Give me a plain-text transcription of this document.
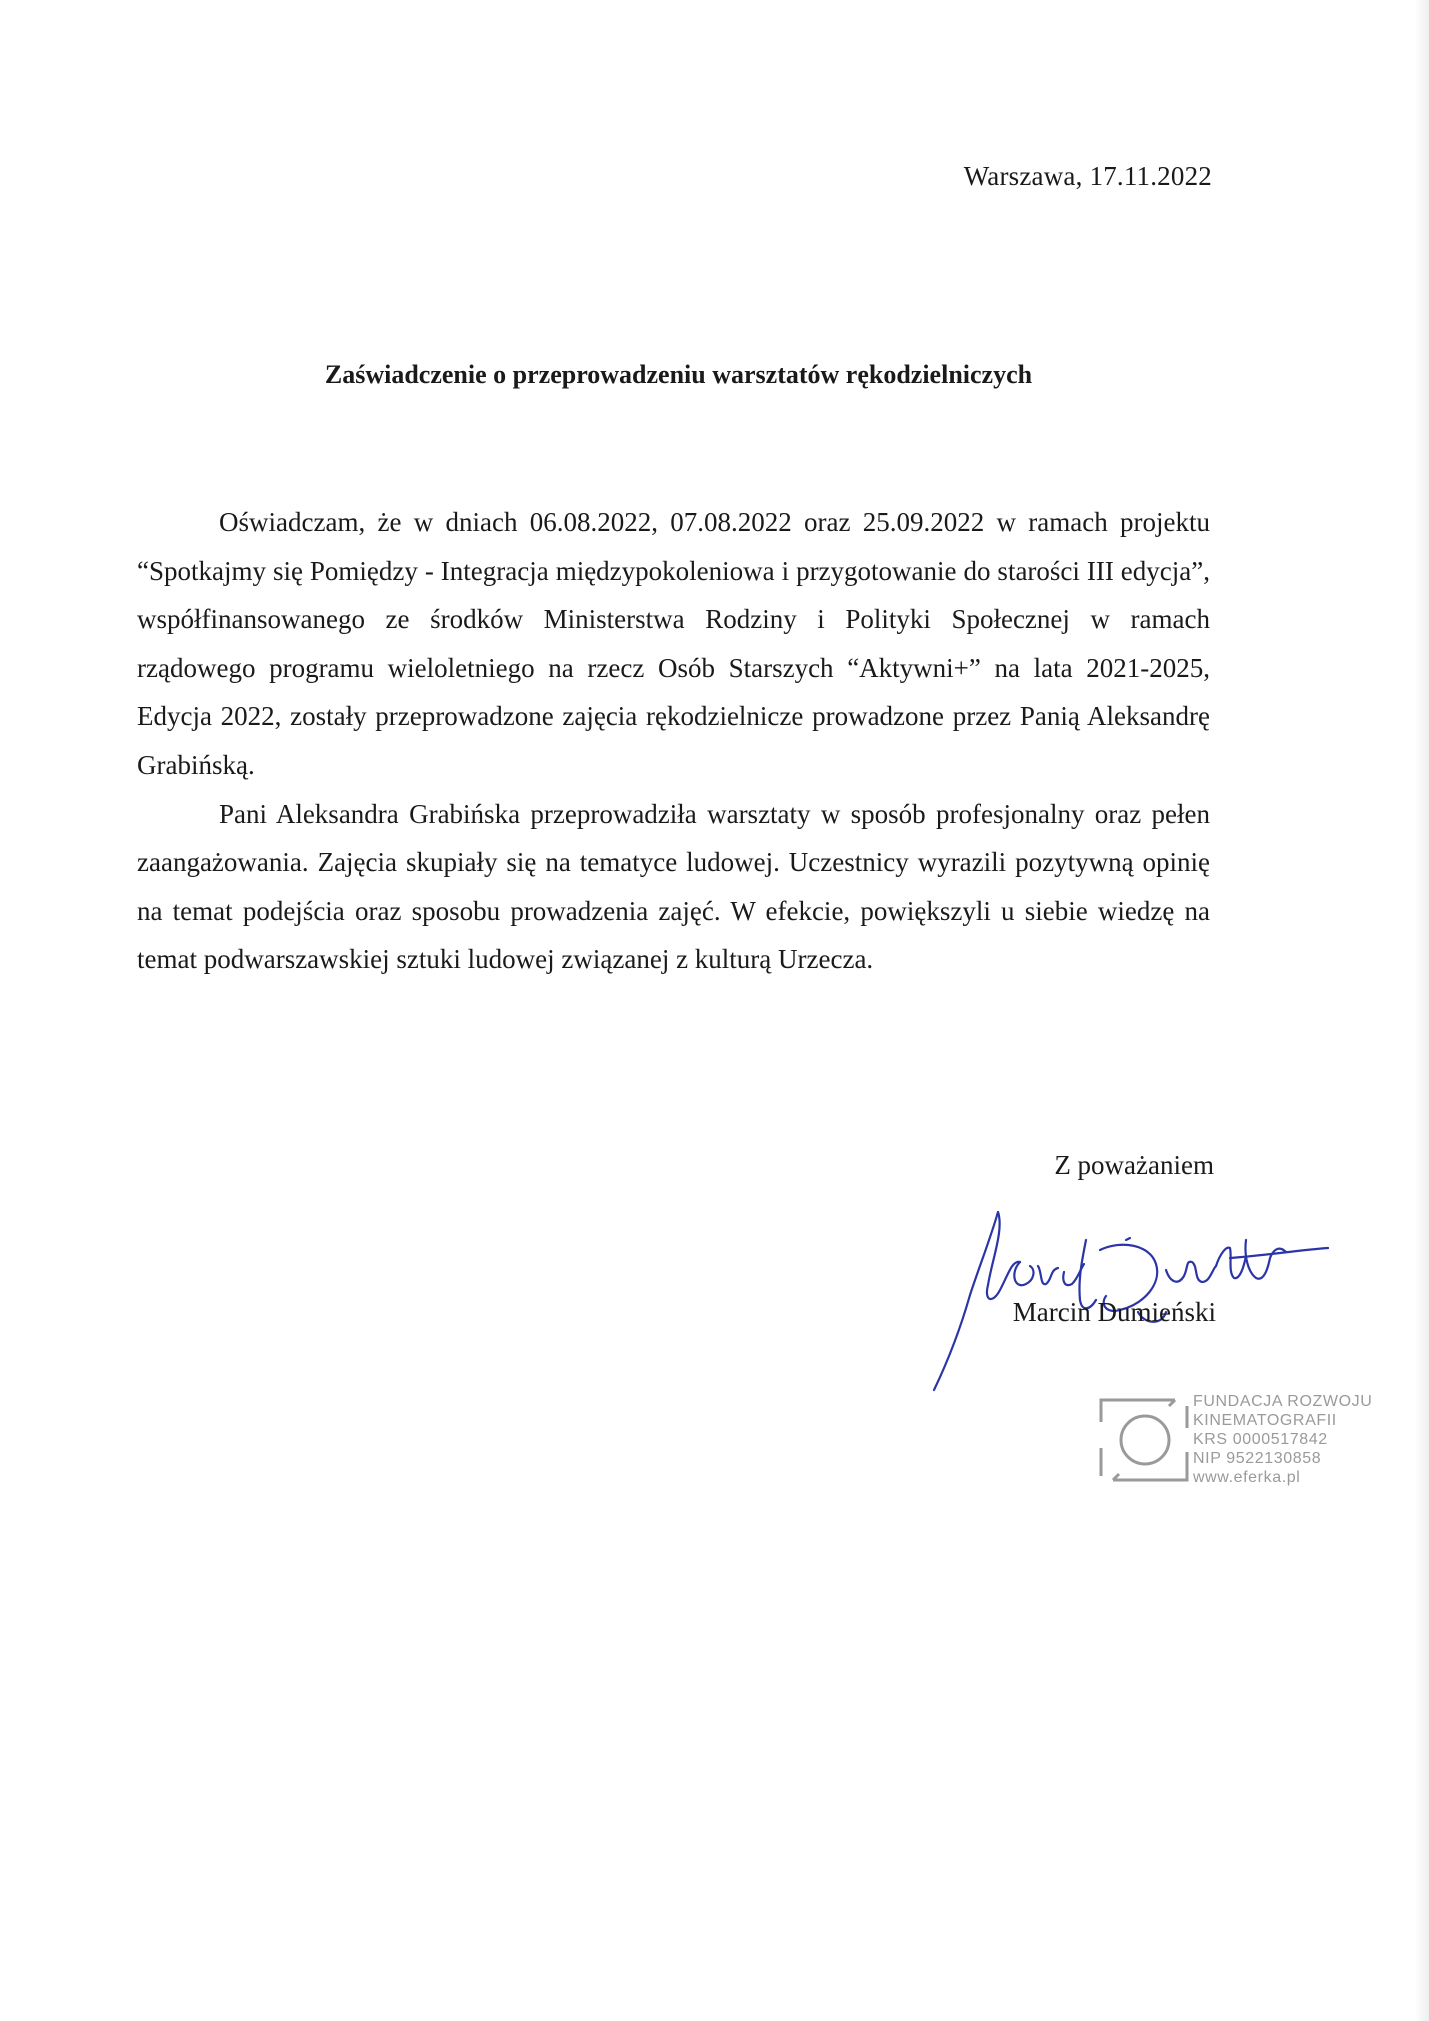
Warszawa, 17.11.2022
Zaświadczenie o przeprowadzeniu warsztatów rękodzielniczych

Oświadczam, że w dniach 06.08.2022, 07.08.2022 oraz 25.09.2022 w ramach projektu “Spotkajmy się Pomiędzy - Integracja międzypokoleniowa i przygotowanie do starości III edycja”, współfinansowanego ze środków Ministerstwa Rodziny i Polityki Społecznej w ramach rządowego programu wieloletniego na rzecz Osób Starszych “Aktywni+” na lata 2021-2025, Edycja 2022, zostały przeprowadzone zajęcia rękodzielnicze prowadzone przez Panią Aleksandrę Grabińską.

Pani Aleksandra Grabińska przeprowadziła warsztaty w sposób profesjonalny oraz pełen zaangażowania. Zajęcia skupiały się na tematyce ludowej. Uczestnicy wyrazili pozytywną opinię na temat podejścia oraz sposobu prowadzenia zajęć. W efekcie, powiększyli u siebie wiedzę na temat podwarszawskiej sztuki ludowej związanej z kulturą Urzecza.

Z poważaniem
Marcin Dumieński
FUNDACJA ROZWOJU
KINEMATOGRAFII
KRS 0000517842
NIP 9522130858
www.eferka.pl
